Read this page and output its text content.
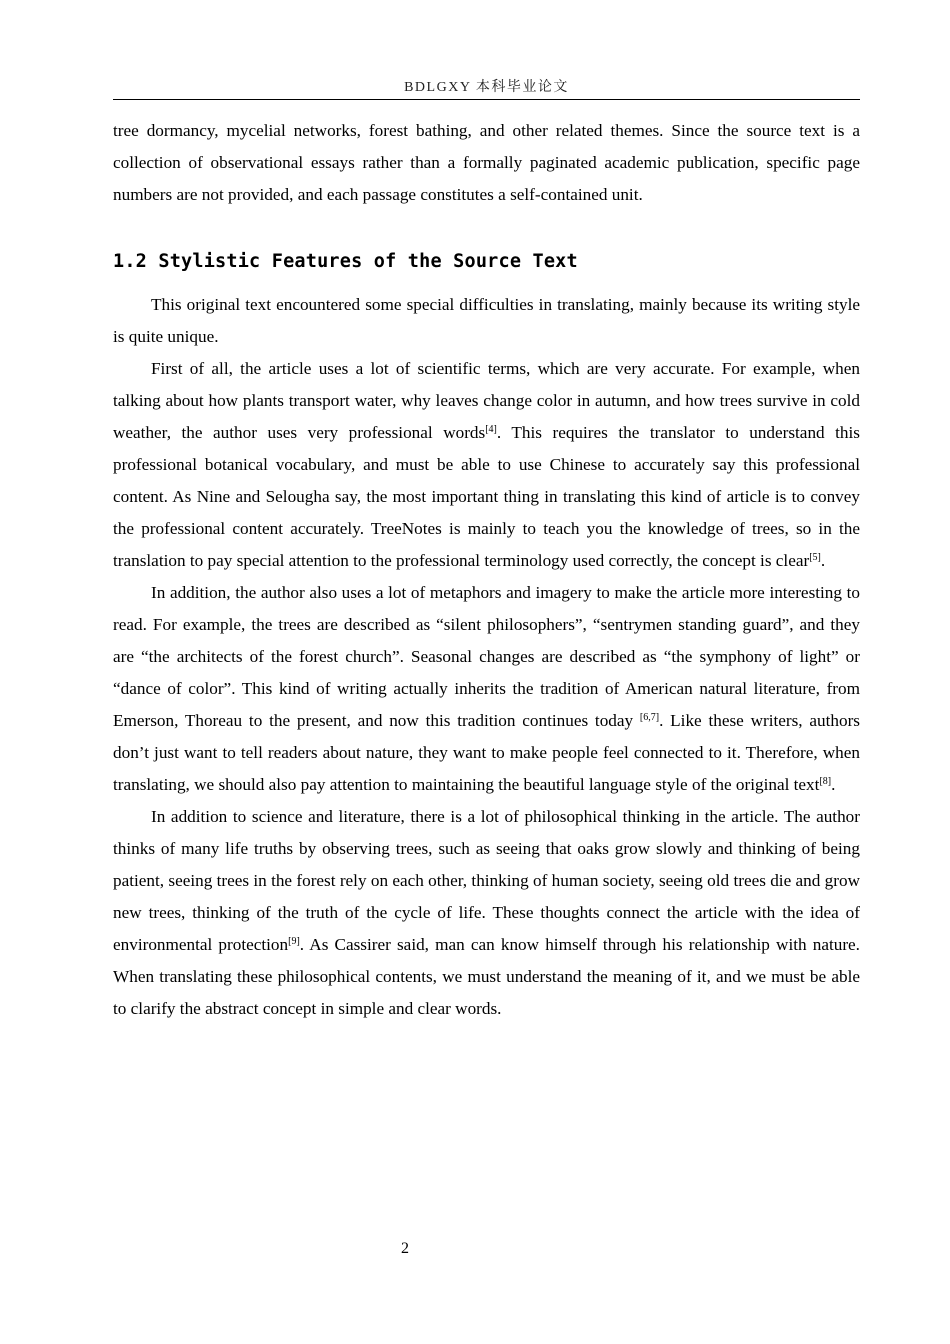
BDLGXY 本科毕业论文

tree dormancy, mycelial networks, forest bathing, and other related themes. Since the source text is a collection of observational essays rather than a formally paginated academic publication, specific page numbers are not provided, and each passage constitutes a self-contained unit.

1.2 Stylistic Features of the Source Text

This original text encountered some special difficulties in translating, mainly because its writing style is quite unique.

First of all, the article uses a lot of scientific terms, which are very accurate. For example, when talking about how plants transport water, why leaves change color in autumn, and how trees survive in cold weather, the author uses very professional words[4]. This requires the translator to understand this professional botanical vocabulary, and must be able to use Chinese to accurately say this professional content. As Nine and Selougha say, the most important thing in translating this kind of article is to convey the professional content accurately. TreeNotes is mainly to teach you the knowledge of trees, so in the translation to pay special attention to the professional terminology used correctly, the concept is clear[5].

In addition, the author also uses a lot of metaphors and imagery to make the article more interesting to read. For example, the trees are described as “silent philosophers”, “sentrymen standing guard”, and they are “the architects of the forest church”. Seasonal changes are described as “the symphony of light” or “dance of color”. This kind of writing actually inherits the tradition of American natural literature, from Emerson, Thoreau to the present, and now this tradition continues today [6,7]. Like these writers, authors don’t just want to tell readers about nature, they want to make people feel connected to it. Therefore, when translating, we should also pay attention to maintaining the beautiful language style of the original text[8].

In addition to science and literature, there is a lot of philosophical thinking in the article. The author thinks of many life truths by observing trees, such as seeing that oaks grow slowly and thinking of being patient, seeing trees in the forest rely on each other, thinking of human society, seeing old trees die and grow new trees, thinking of the truth of the cycle of life. These thoughts connect the article with the idea of environmental protection[9]. As Cassirer said, man can know himself through his relationship with nature. When translating these philosophical contents, we must understand the meaning of it, and we must be able to clarify the abstract concept in simple and clear words.

2
